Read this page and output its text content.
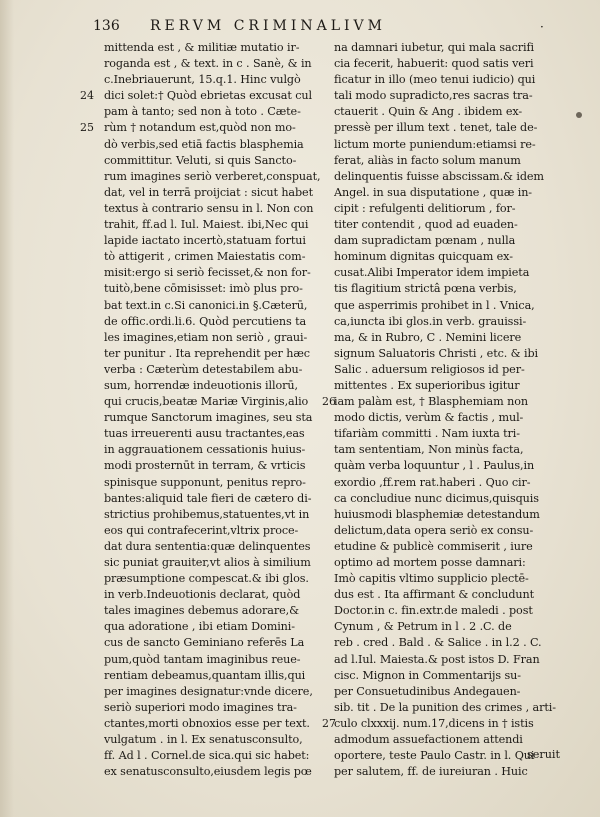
136 RERVM CRIMINALIVM	·
24
25
26
27
mittenda est , & militiæ mutatio ir-
roganda est , & text. in c . Sanè, & in
c.Inebriauerunt, 15.q.1. Hinc vulgò
dici solet:† Quòd ebrietas excusat cul
pam à tanto; sed non à toto . Cæte-
rùm † notandum est,quòd non mo-
dò verbis,sed etiā factis blasphemia
committitur. Veluti, si quis Sancto-
rum imagines seriò verberet,conspuat,
dat, vel in terrā proijciat : sicut habet
textus à contrario sensu in l. Non con
trahit, ff.ad l. Iul. Maiest. ibi,Nec qui
lapide iactato incertò,statuam fortui
tò attigerit , crimen Maiestatis com-
misit:ergo si seriò fecisset,& non for-
tuitò,bene cōmisisset: imò plus pro-
bat text.in c.Si canonici.in §.Cæterū,
de offic.ordi.li.6. Quòd percutiens ta
les imagines,etiam non seriò , graui-
ter punitur . Ita reprehendit per hæc
verba : Cæterùm detestabilem abu-
sum, horrendæ indeuotionis illorū,
qui crucis,beatæ Mariæ Virginis,alio
rumque Sanctorum imagines, seu sta
tuas irreuerenti ausu tractantes,eas
in aggrauationem cessationis huius-
modi prosternūt in terram, & vrticis
spinisque supponunt, penitus repro-
bantes:aliquid tale fieri de cætero di-
strictius prohibemus,statuentes,vt in
eos qui contrafecerint,vltrix proce-
dat dura sententia:quæ delinquentes
sic puniat grauiter,vt alios à similium
præsumptione compescat.& ibi glos.
in verb.Indeuotionis declarat, quòd
tales imagines debemus adorare,&
qua adoratione , ibi etiam Domini-
cus de sancto Geminiano referēs La
pum,quòd tantam imaginibus reue-
rentiam debeamus,quantam illis,qui
per imagines designatur:vnde dicere,
seriò superiori modo imagines tra-
ctantes,morti obnoxios esse per text.
vulgatum . in l. Ex senatusconsulto,
ff. Ad l . Cornel.de sica.qui sic habet:
ex senatusconsulto,eiusdem legis pœ
na damnari iubetur, qui mala sacrifi
cia fecerit, habuerit: quod satis veri
ficatur in illo (meo tenui iudicio) qui
tali modo supradicto,res sacras tra-
ctauerit . Quin & Ang . ibidem ex-
pressè per illum text . tenet, tale de-
lictum morte puniendum:etiamsi re-
ferat, aliàs in facto solum manum
delinquentis fuisse abscissam.& idem
Angel. in sua disputatione , quæ in-
cipit : refulgenti delitiorum , for-
titer contendit , quod ad euaden-
dam supradictam pœnam , nulla
hominum dignitas quicquam ex-
cusat.Alibi Imperator idem impieta
tis flagitium strictâ pœna verbis,
que asperrimis prohibet in l . Vnica,
ca,iuncta ibi glos.in verb. grauissi-
ma, & in Rubro, C . Nemini licere
signum Saluatoris Christi , etc. & ibi
Salic . aduersum religiosos id per-
mittentes . Ex superioribus igitur
iam palàm est, † Blasphemiam non
modo dictis, verùm & factis , mul-
tifariàm committi . Nam iuxta tri-
tam sententiam, Non minùs facta,
quàm verba loquuntur , l . Paulus,in
exordio ,ff.rem rat.haberi . Quo cir-
ca concludiue nunc dicimus,quisquis
huiusmodi blasphemiæ detestandum
delictum,data opera seriò ex consu-
etudine & publicè commiserit , iure
optimo ad mortem posse damnari:
Imò capitis vltimo supplicio plectē-
dus est . Ita affirmant & concludunt
Doctor.in c. fin.extr.de maledi . post
Cynum , & Petrum in l . 2 .C. de
reb . cred . Bald . & Salice . in l.2 . C.
ad l.Iul. Maiesta.& post istos D. Fran
cisc. Mignon in Commentarijs su-
per Consuetudinibus Andegauen-
sib. tit . De la punition des crimes , arti-
culo clxxxij. num.17,dicens in † istis
admodum assuefactionem attendi
oportere, teste Paulo Castr. in l. Qui
per salutem, ff. de iureiuran . Huic
seruit
